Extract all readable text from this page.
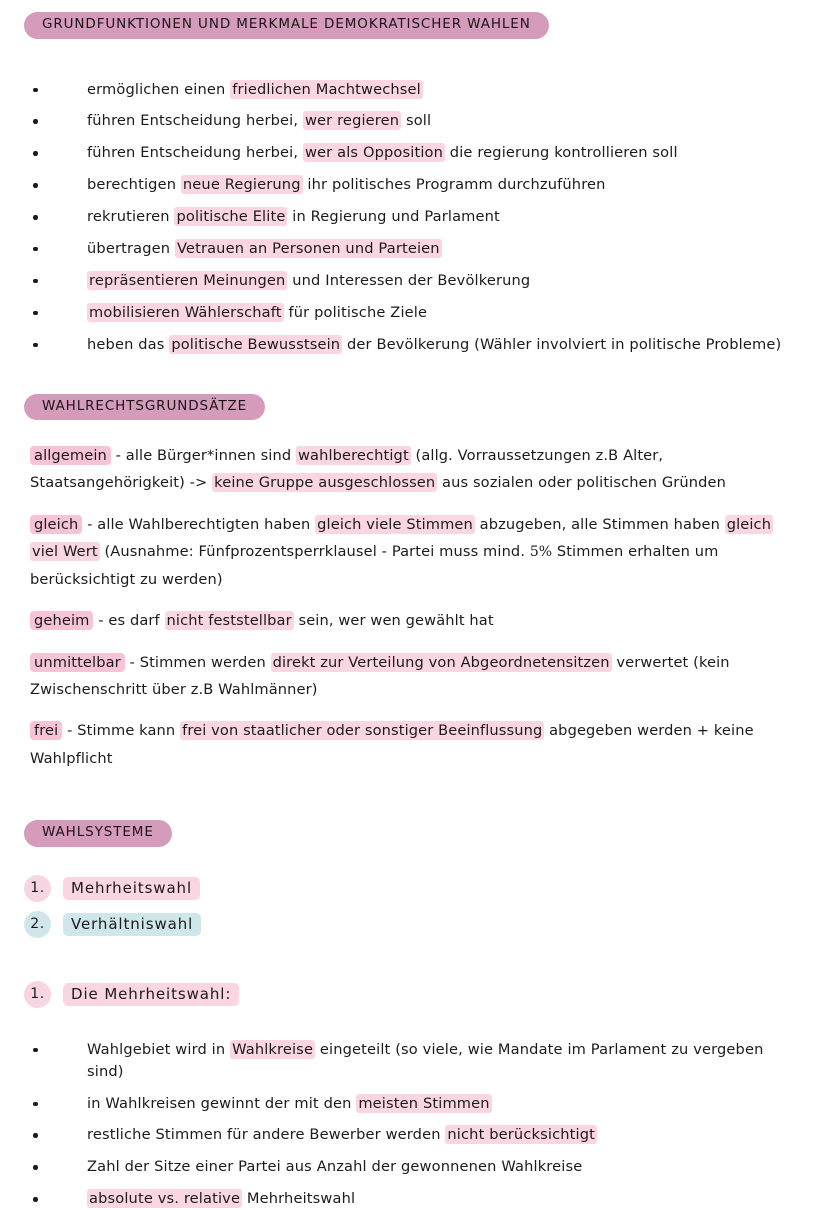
GRUNDFUNKTIONEN UND MERKMALE DEMOKRATISCHER WAHLEN
ermöglichen einen friedlichen Machtwechsel
führen Entscheidung herbei, wer regieren soll
führen Entscheidung herbei, wer als Opposition die regierung kontrollieren soll
berechtigen neue Regierung ihr politisches Programm durchzuführen
rekrutieren politische Elite in Regierung und Parlament
übertragen Vetrauen an Personen und Parteien
repräsentieren Meinungen und Interessen der Bevölkerung
mobilisieren Wählerschaft für politische Ziele
heben das politische Bewusstsein der Bevölkerung (Wähler involviert in politische Probleme)
WAHLRECHTSGRUNDSÄTZE

allgemein - alle Bürger*innen sind wahlberechtigt (allg. Vorraussetzungen z.B Alter, Staatsangehörigkeit) -> keine Gruppe ausgeschlossen aus sozialen oder politischen Gründen

gleich - alle Wahlberechtigten haben gleich viele Stimmen abzugeben, alle Stimmen haben gleich viel Wert (Ausnahme: Fünfprozentsperrklausel - Partei muss mind. 5% Stimmen erhalten um berücksichtigt zu werden)

geheim - es darf nicht feststellbar sein, wer wen gewählt hat

unmittelbar - Stimmen werden direkt zur Verteilung von Abgeordnetensitzen verwertet (kein Zwischenschritt über z.B Wahlmänner)

frei - Stimme kann frei von staatlicher oder sonstiger Beeinflussung abgegeben werden + keine Wahlpflicht

WAHLSYSTEME
1.	Mehrheitswahl
2.	Verhältniswahl
1.	Die Mehrheitswahl:
Wahlgebiet wird in Wahlkreise eingeteilt (so viele, wie Mandate im Parlament zu vergeben sind)
in Wahlkreisen gewinnt der mit den meisten Stimmen
restliche Stimmen für andere Bewerber werden nicht berücksichtigt
Zahl der Sitze einer Partei aus Anzahl der gewonnenen Wahlkreise
absolute vs. relative Mehrheitswahl
